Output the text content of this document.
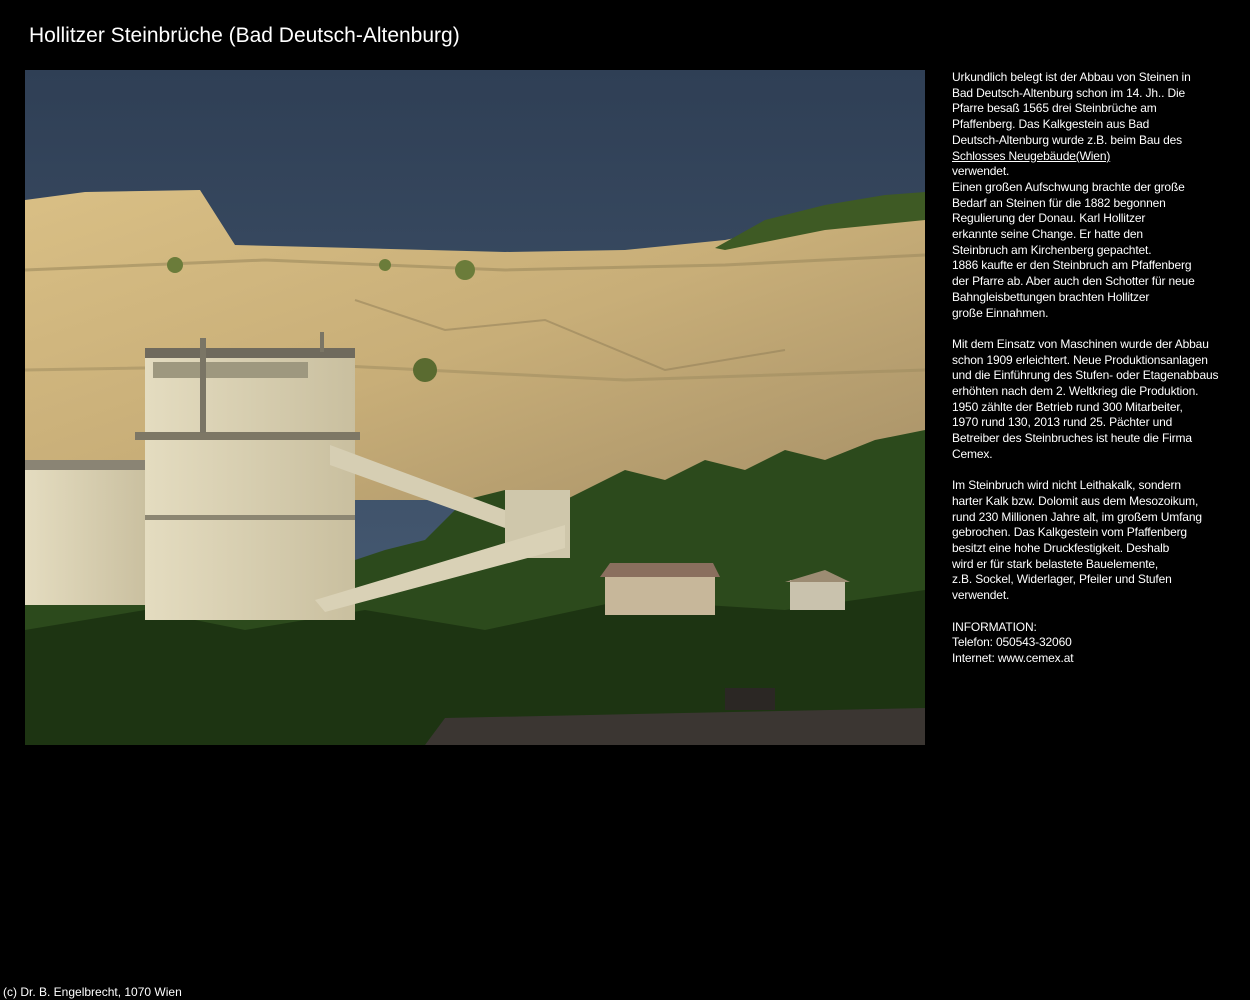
Hollitzer Steinbrüche (Bad Deutsch-Altenburg)
Urkundlich belegt ist der Abbau von Steinen in
Bad Deutsch-Altenburg schon im 14. Jh.. Die
Pfarre besaß 1565 drei Steinbrüche am
Pfaffenberg. Das Kalkgestein aus Bad
Deutsch-Altenburg wurde z.B. beim Bau des
Schlosses Neugebäude(Wien)
verwendet.
Einen großen Aufschwung brachte der große
Bedarf an Steinen für die 1882 begonnen
Regulierung der Donau. Karl Hollitzer
erkannte seine Change. Er hatte den
Steinbruch am Kirchenberg gepachtet.
1886 kaufte er den Steinbruch am Pfaffenberg
der Pfarre ab. Aber auch den Schotter für neue
Bahngleisbettungen brachten Hollitzer
große Einnahmen.
Mit dem Einsatz von Maschinen wurde der Abbau
schon 1909 erleichtert. Neue Produktionsanlagen
und die Einführung des Stufen- oder Etagenabbaus
erhöhten nach dem 2. Weltkrieg die Produktion.
1950 zählte der Betrieb rund 300 Mitarbeiter,
1970 rund 130, 2013 rund 25. Pächter und
Betreiber des Steinbruches ist heute die Firma
Cemex.
Im Steinbruch wird nicht Leithakalk, sondern
harter Kalk bzw. Dolomit aus dem Mesozoikum,
rund 230 Millionen Jahre alt, im großem Umfang
gebrochen. Das Kalkgestein vom Pfaffenberg
besitzt eine hohe Druckfestigkeit. Deshalb
wird er für stark belastete Bauelemente,
z.B. Sockel, Widerlager, Pfeiler und Stufen
verwendet.
INFORMATION:
Telefon: 050543-32060
Internet: www.cemex.at
(c) Dr. B. Engelbrecht, 1070 Wien
